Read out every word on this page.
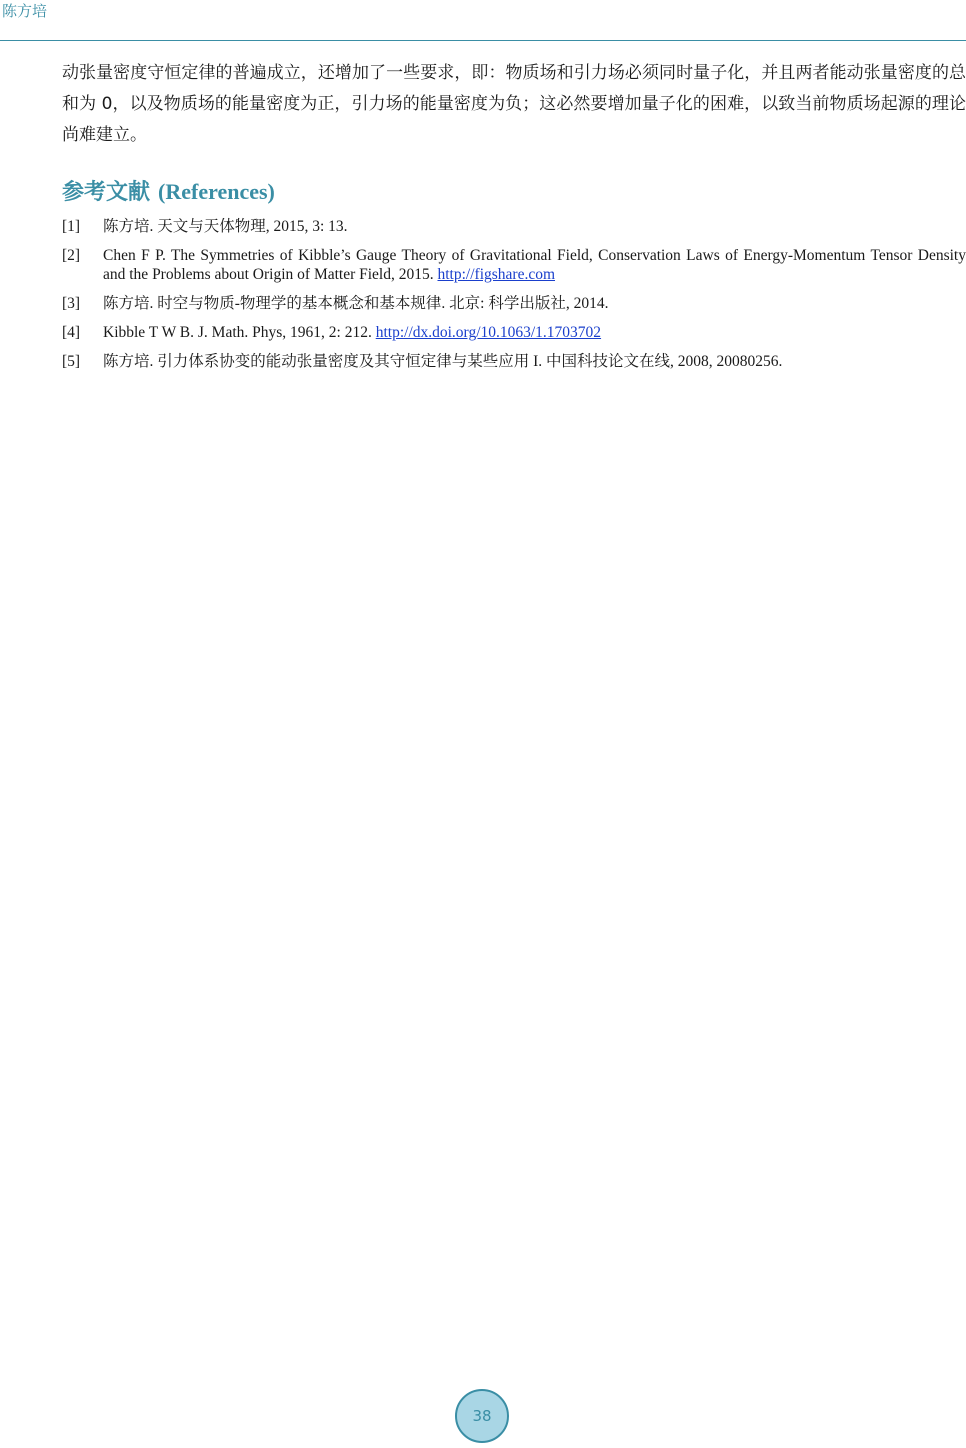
陈方培

动张量密度守恒定律的普遍成立，还增加了一些要求，即：物质场和引力场必须同时量子化，并且两者能动张量密度的总和为 0，以及物质场的能量密度为正，引力场的能量密度为负；这必然要增加量子化的困难，以致当前物质场起源的理论尚难建立。

参考文献 (References)
[1]	陈方培. 天文与天体物理, 2015, 3: 13.
[2]	Chen F P. The Symmetries of Kibble’s Gauge Theory of Gravitational Field, Conservation Laws of Energy-Momentum Tensor Density and the Problems about Origin of Matter Field, 2015. http://figshare.com
[3]	陈方培. 时空与物质-物理学的基本概念和基本规律. 北京: 科学出版社, 2014.
[4]	Kibble T W B. J. Math. Phys, 1961, 2: 212. http://dx.doi.org/10.1063/1.1703702
[5]	陈方培. 引力体系协变的能动张量密度及其守恒定律与某些应用 I. 中国科技论文在线, 2008, 20080256.
38
